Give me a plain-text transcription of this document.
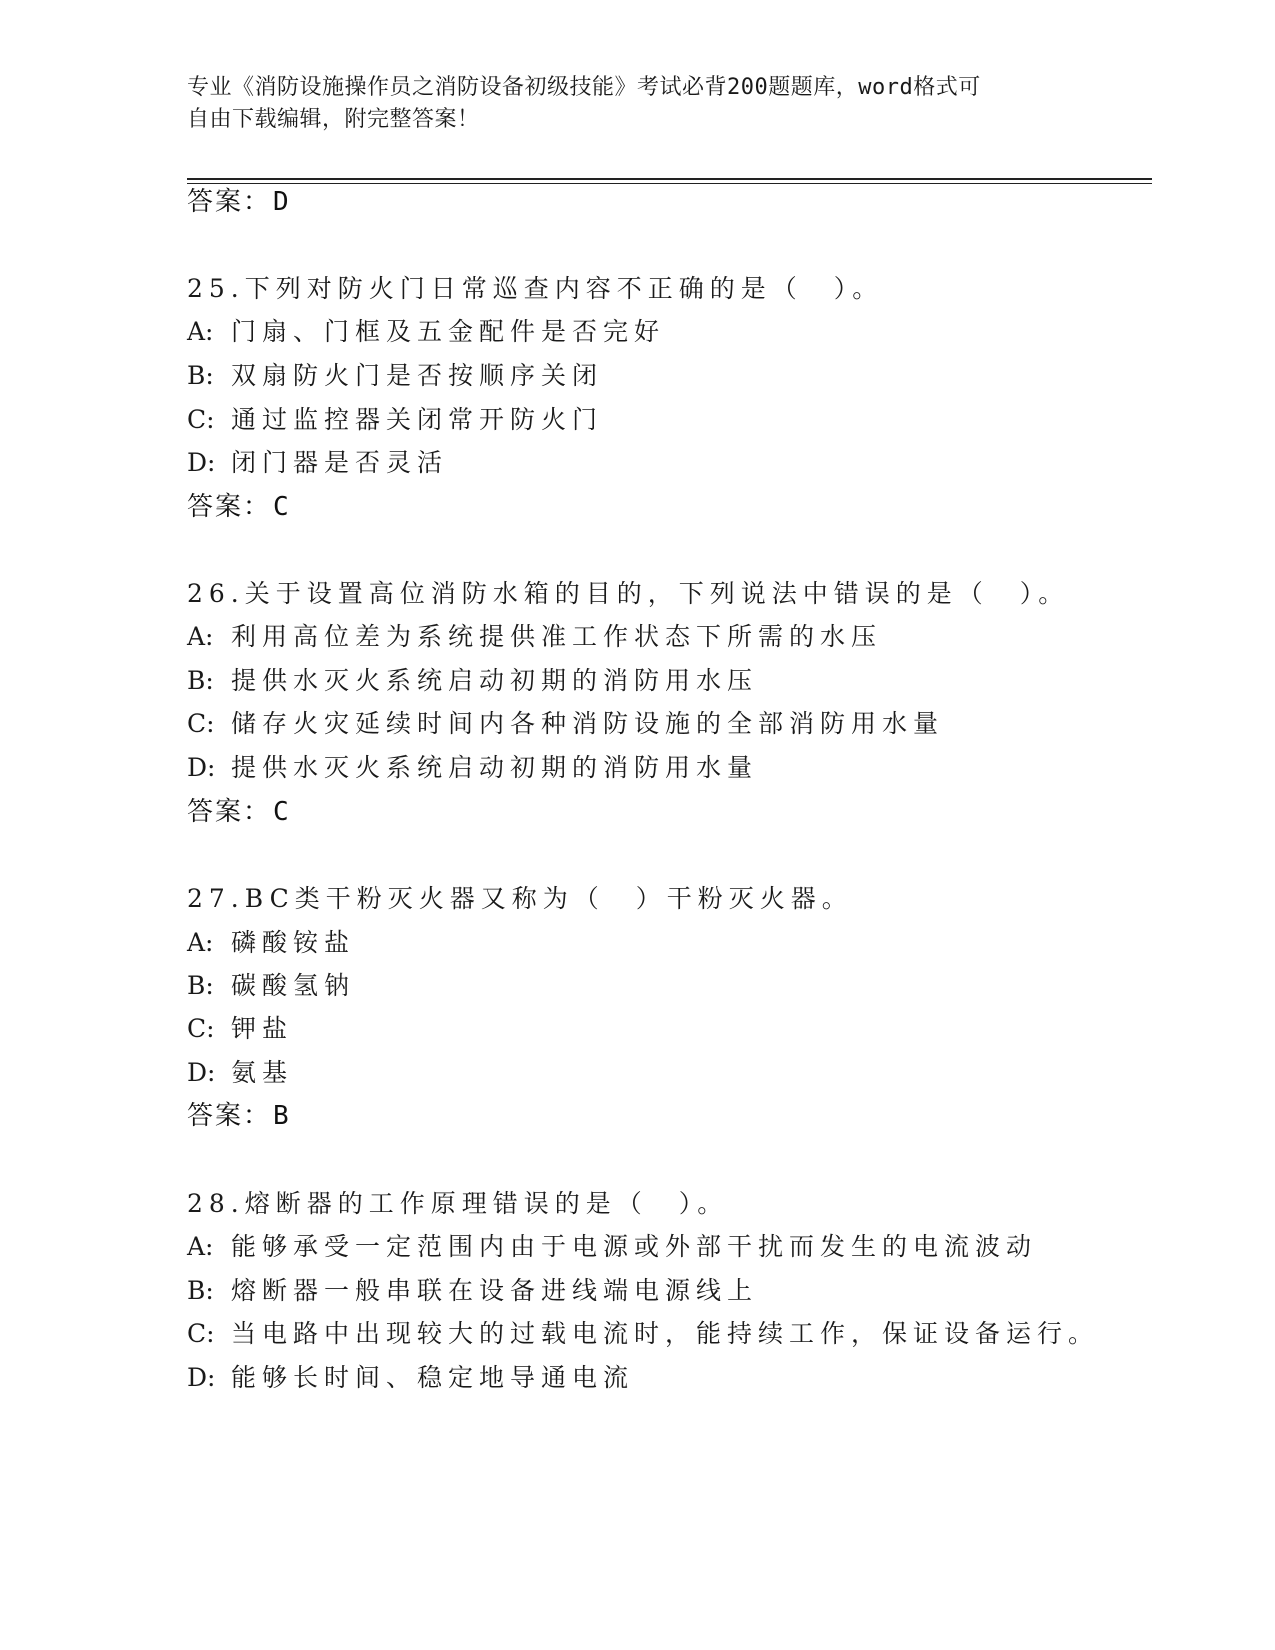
专业《消防设施操作员之消防设备初级技能》考试必背200题题库，word格式可
自由下载编辑，附完整答案！
答案：D
25.下列对防火门日常巡查内容不正确的是（　）。
A: 门扇、门框及五金配件是否完好
B: 双扇防火门是否按顺序关闭
C: 通过监控器关闭常开防火门
D: 闭门器是否灵活
答案：C
26.关于设置高位消防水箱的目的，下列说法中错误的是（　）。
A: 利用高位差为系统提供准工作状态下所需的水压
B: 提供水灭火系统启动初期的消防用水压
C: 储存火灾延续时间内各种消防设施的全部消防用水量
D: 提供水灭火系统启动初期的消防用水量
答案：C
27.BC类干粉灭火器又称为（　）干粉灭火器。
A: 磷酸铵盐
B: 碳酸氢钠
C: 钾盐
D: 氨基
答案：B
28.熔断器的工作原理错误的是（　）。
A: 能够承受一定范围内由于电源或外部干扰而发生的电流波动
B: 熔断器一般串联在设备进线端电源线上
C: 当电路中出现较大的过载电流时，能持续工作，保证设备运行。
D: 能够长时间、稳定地导通电流
